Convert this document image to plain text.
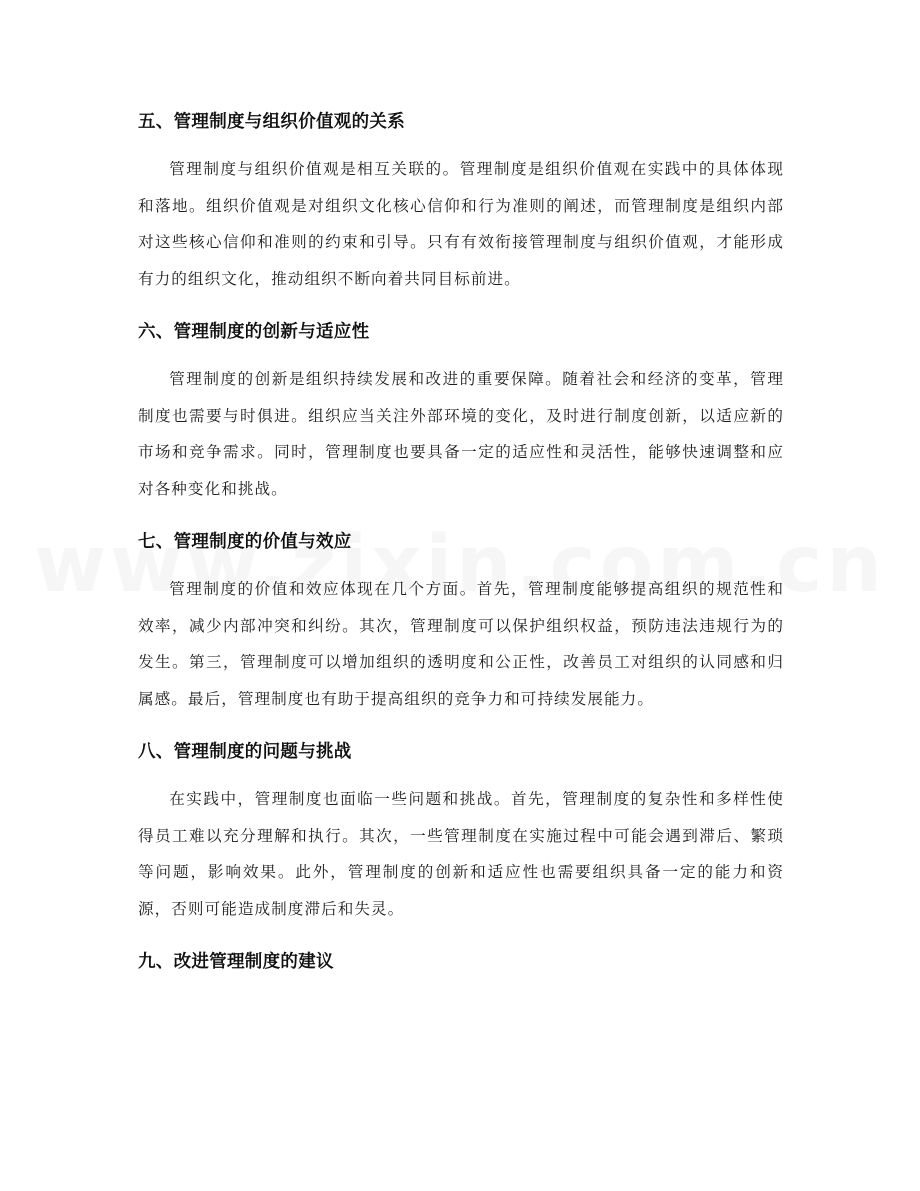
五、管理制度与组织价值观的关系

管理制度与组织价值观是相互关联的。管理制度是组织价值观在实践中的具体体现和落地。组织价值观是对组织文化核心信仰和行为准则的阐述，而管理制度是组织内部对这些核心信仰和准则的约束和引导。只有有效衔接管理制度与组织价值观，才能形成有力的组织文化，推动组织不断向着共同目标前进。

六、管理制度的创新与适应性

管理制度的创新是组织持续发展和改进的重要保障。随着社会和经济的变革，管理制度也需要与时俱进。组织应当关注外部环境的变化，及时进行制度创新，以适应新的市场和竞争需求。同时，管理制度也要具备一定的适应性和灵活性，能够快速调整和应对各种变化和挑战。

七、管理制度的价值与效应

管理制度的价值和效应体现在几个方面。首先，管理制度能够提高组织的规范性和效率，减少内部冲突和纠纷。其次，管理制度可以保护组织权益，预防违法违规行为的发生。第三，管理制度可以增加组织的透明度和公正性，改善员工对组织的认同感和归属感。最后，管理制度也有助于提高组织的竞争力和可持续发展能力。

八、管理制度的问题与挑战

在实践中，管理制度也面临一些问题和挑战。首先，管理制度的复杂性和多样性使得员工难以充分理解和执行。其次，一些管理制度在实施过程中可能会遇到滞后、繁琐等问题，影响效果。此外，管理制度的创新和适应性也需要组织具备一定的能力和资源，否则可能造成制度滞后和失灵。

九、改进管理制度的建议
